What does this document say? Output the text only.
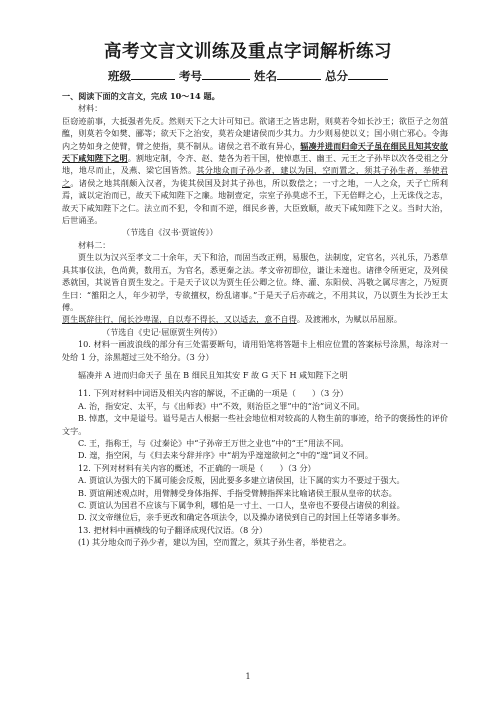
高考文言文训练及重点字词解析练习
班级	考号	姓名	总分

一、阅读下面的文言文，完成 10～14 题。

材料：

臣窃迹前事，大抵强者先反。然则天下之大计可知已。欲诸王之皆忠附，则莫若令如长沙王；欲臣子之勿菹醢，则莫若令如樊、郦等；欲天下之治安，莫若众建诸侯而少其力。力少则易使以义；国小则亡邪心。令海内之势如身之使臂，臂之使指，莫不制从。诸侯之君不敢有异心，辐凑并进而归命天子虽在细民且知其安故天下咸知陛下之明。割地定制，令齐、赵、楚各为若干国，使悼惠王、幽王、元王之子孙毕以次各受祖之分地，地尽而止，及燕、梁它国皆然。其分地众而子孙少者，建以为国，空而置之，须其子孙生者，举使君之。诸侯之地其削颇入汉者，为徙其侯国及封其子孙也，所以数偿之；一寸之地，一人之众，天子亡所利焉，诚以定治而已，故天下咸知陛下之廉。地制壹定，宗室子孙莫虑不王，下无倍畔之心，上无诛伐之志，故天下咸知陛下之仁。法立而不犯，令和而不逆，细民乡善，大臣致顺，故天下咸知陛下之义。当时大治，后世诵圣。

（节选自《汉书·贾谊传》）

材料二：

贾生以为汉兴至孝文二十余年，天下和洽，而固当改正朔，易服色，法制度，定官名，兴礼乐，乃悉草具其事仪法，色尚黄，数用五，为官名，悉更秦之法。孝文帝初即位，谦让未遑也。诸律令所更定，及列侯悉就国，其说皆自贾生发之。于是天子议以为贾生任公卿之位。绛、灌、东阳侯、冯敬之属尽害之，乃短贾生曰：“雒阳之人，年少初学，专欲擅权，纷乱诸事。”于是天子后亦疏之，不用其议，乃以贾生为长沙王太傅。
贾生既辞往行，闻长沙卑湿，自以寿不得长，又以适去，意不自得。及渡湘水，为赋以吊屈原。

（节选自《史记·屈原贾生列传》）

10. 材料一画波浪线的部分有三处需要断句，请用铅笔将答题卡上相应位置的答案标号涂黑，每涂对一处给 1 分，涂黑超过三处不给分。（3 分）

辐凑并 A 进而归命天子 虽在 B 细民且知其安 F 故 G 天下 H 咸知陛下之明

11. 下列对材料中词语及相关内容的解说，不正确的一项是（　　）（3 分）

A. 治，指安定、太平，与《出师表》中“不效，则治臣之罪”中的“治”词义不同。

B. 悼惠，文中是谥号。谥号是古人根据一些社会地位相对较高的人物生前的事迹，给予的褒扬性的评价文字。

C. 王，指称王，与《过秦论》中“子孙帝王万世之业也”中的“王”用法不同。

D. 遑，指空闲，与《归去来兮辞并序》中“胡为乎遑遑欲何之”中的“遑”词义不同。

12. 下列对材料有关内容的概述，不正确的一项是（　　）（3 分）

A. 贾谊认为强大的下属可能会反叛，因此要多多建立诸侯国，让下属的实力不要过于强大。

B. 贾谊阐述观点时，用臂膊受身体指挥、手指受臂膊指挥来比喻诸侯王服从皇帝的状态。

C. 贾谊认为国君不应该与下属争利，哪怕是一寸土、一口人，皇帝也不要侵占诸侯的利益。

D. 汉文帝继位后，亲手更改和确定各项法令，以及操办诸侯到自己的封国上任等诸多事务。

13. 把材料中画横线的句子翻译成现代汉语。（8 分）

(1) 其分地众而子孙少者，建以为国，空而置之，须其子孙生者，举使君之。

1
